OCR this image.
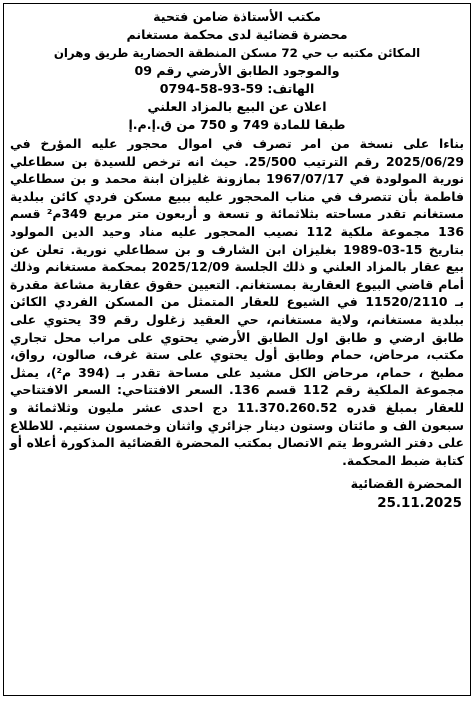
مكتب الأستاذة ضامن فتحية
محضرة قضائية لدى محكمة مستغانم
المكائن مكتبه ب حي 72 مسكن المنطقة الحضارية طريق وهران
والموجود الطابق الأرضي رقم 09
الهاتف: 59-93-58-0794
اعلان عن البيع بالمزاد العلني
طبقا للمادة 749 و 750 من ق.إ.م.إ
بناءا على نسخة من امر تصرف في اموال محجور عليه المؤرخ في 2025/06/29 رقم الترتيب 25/500. حيث انه ترخص للسيدة بن سطاعلي نورية المولودة في 1967/07/17 بمازونة غليزان ابنة محمد و بن سطاعلي فاطمة بأن تتصرف في مناب المحجور عليه ببيع مسكن فردي كائن ببلدية مستغانم تقدر مساحته بثلاثمائة و تسعة و أربعون متر مربع 349م² قسم 136 مجموعة ملكية 112 نصيب المحجور عليه مناد وحيد الدين المولود بتاريخ 15-03-1989 بغليزان ابن الشارف و بن سطاعلي نورية. تعلن عن بيع عقار بالمزاد العلني و ذلك الجلسة 2025/12/09 بمحكمة مستغانم وذلك أمام قاضي البيوع العقارية بمستغانم. التعيين حقوق عقارية مشاعة مقدرة بـ 11520/2110 في الشيوع للعقار المتمثل من المسكن الفردي الكائن ببلدية مستغانم، ولاية مستغانم، حي العقيد زغلول رقم 39 يحتوي على طابق ارضي و طابق اول الطابق الأرضي يحتوي على مراب محل تجاري مكتب، مرحاض، حمام وطابق أول يحتوي على ستة غرف، صالون، رواق، مطبخ ، حمام، مرحاض الكل مشيد على مساحة تقدر بـ (394 م²)، يمثل مجموعة الملكية رقم 112 قسم 136. السعر الافتتاحي: السعر الافتتاحي للعقار بمبلغ قدره 11.370.260.52 دج احدى عشر مليون وثلاثمائة و سبعون الف و مائتان وستون دينار جزائري واثنان وخمسون سنتيم. للاطلاع على دفتر الشروط يتم الاتصال بمكتب المحضرة القضائية المذكورة أعلاه أو كتابة ضبط المحكمة.
المحضرة القضائية
25.11.2025
